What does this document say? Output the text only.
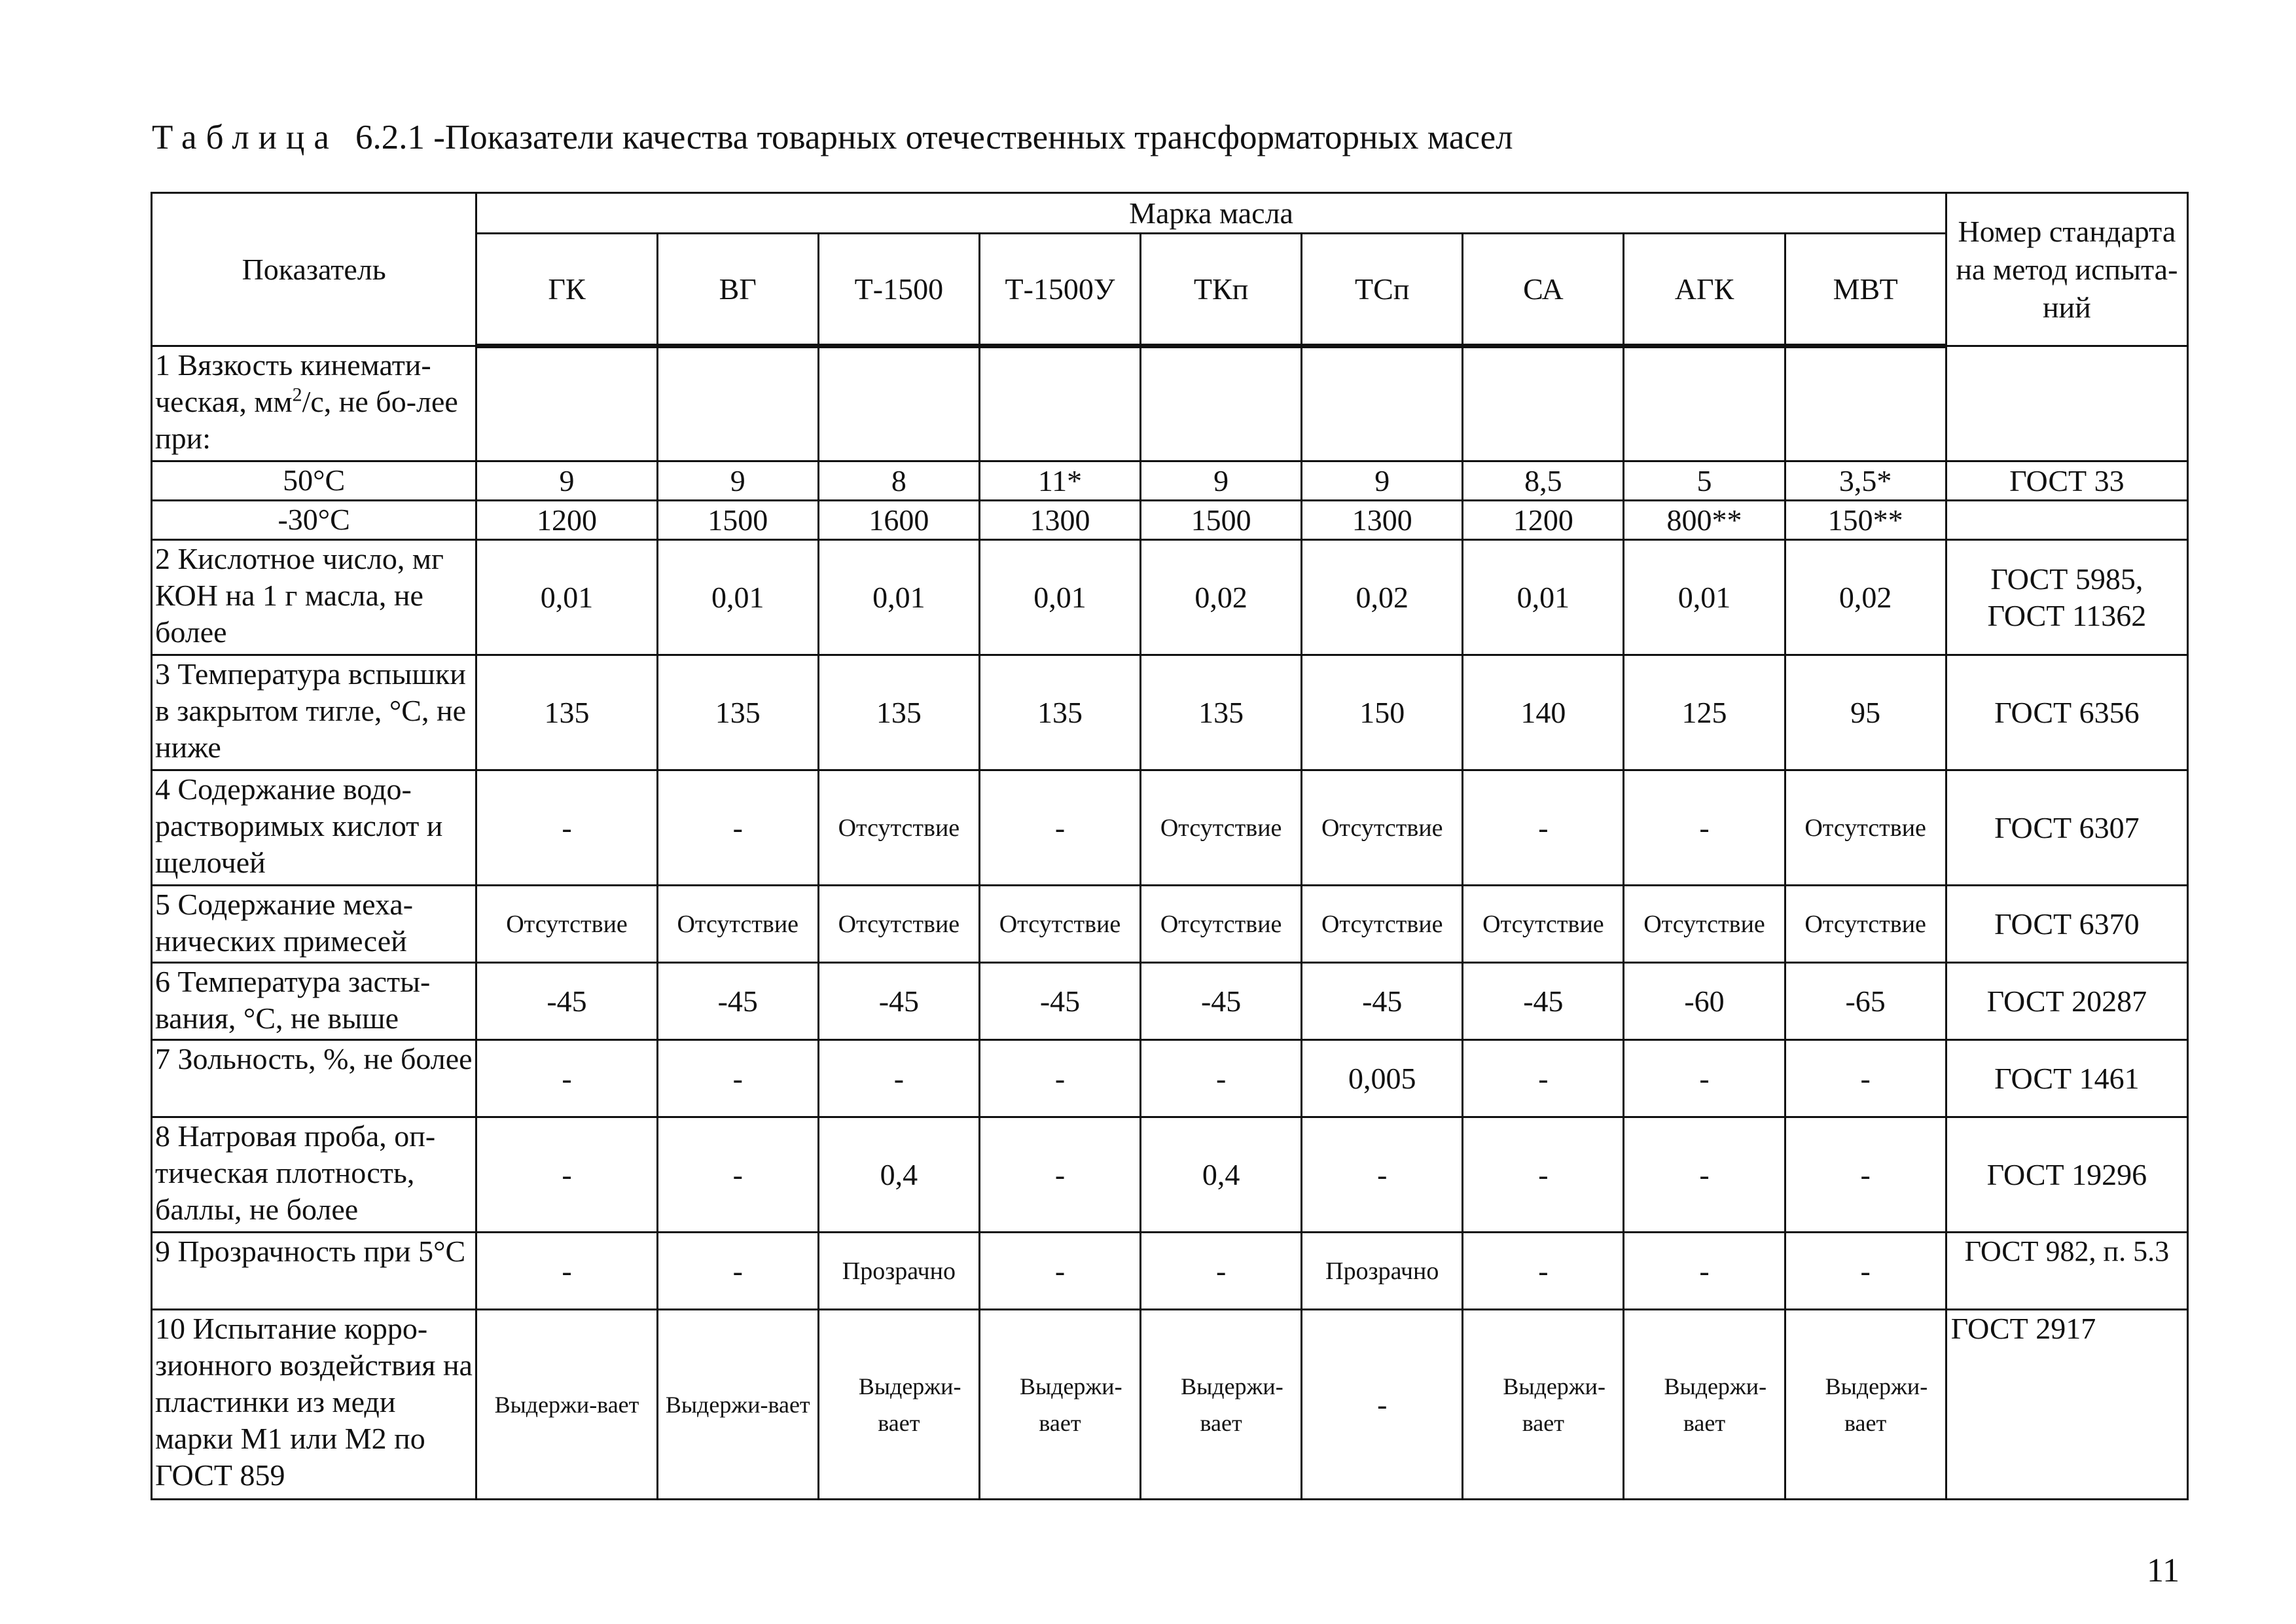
Таблица 6.2.1 -Показатели качества товарных отечественных трансформаторных масел
Показатель	Марка масла									Номер стандарта на метод испыта-ний
	ГК	ВГ	Т-1500	Т-1500У	ТКп	ТСп	СА	АГК	МВТ	
1 Вязкость кинемати-ческая, $мм^2/с$, не бо-лее при:										
50°С	9	9	8	11*	9	9	8,5	5	3,5*	ГОСТ 33
-30°С	1200	1500	1600	1300	1500	1300	1200	800**	150**	
2 Кислотное число, мг КОН на 1 г масла, не более	0,01	0,01	0,01	0,01	0,02	0,02	0,01	0,01	0,02	ГОСТ 5985, ГОСТ 11362
3 Температура вспышки в закрытом тигле, °С, не ниже	135	135	135	135	135	150	140	125	95	ГОСТ 6356
4 Содержание водо-растворимых кислот и щелочей	-	-	Отсутствие	-	Отсутствие	Отсутствие	-	-	Отсутствие	ГОСТ 6307
5 Содержание меха-нических примесей	Отсутствие	Отсутствие	Отсутствие	Отсутствие	Отсутствие	Отсутствие	Отсутствие	Отсутствие	Отсутствие	ГОСТ 6370
6 Температура засты-вания, °С, не выше	-45	-45	-45	-45	-45	-45	-45	-60	-65	ГОСТ 20287
7 Зольность, %, не более	-	-	-	-	-	0,005	-	-	-	ГОСТ 1461
8 Натровая проба, оп-тическая плотность, баллы, не более	-	-	0,4	-	0,4	-	-	-	-	ГОСТ 19296
9 Прозрачность при 5°С	-	-	Прозрачно	-	-	Прозрачно	-	-	-	ГОСТ 982, п. 5.3
10 Испытание корро-зионного воздействия на пластинки из меди марки М1 или М2 по ГОСТ 859	Выдержи-вает	Выдержи-вает	Выдержи-вает	Выдержи-вает	Выдержи-вает	-	Выдержи-вает	Выдержи-вает	Выдержи-вает	ГОСТ 2917
11
